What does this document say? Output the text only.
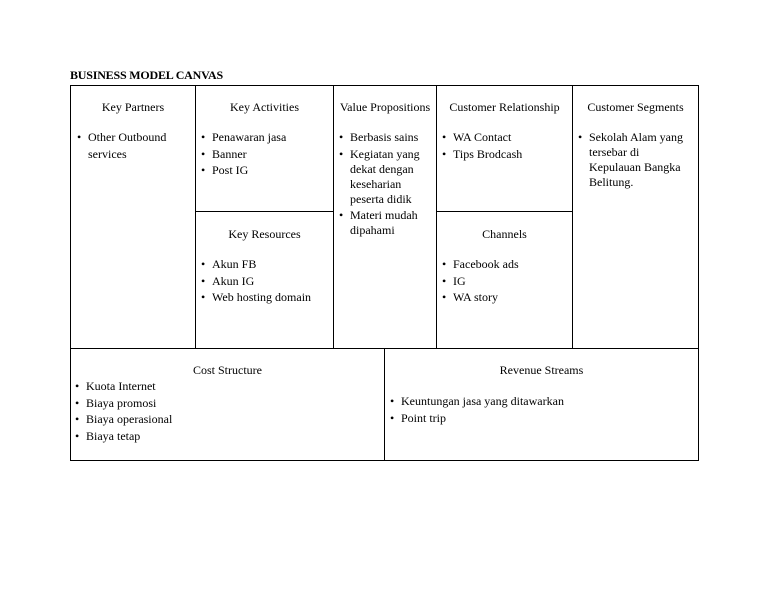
BUSINESS MODEL CANVAS
Key Partners
• Other Outbound services
Key Activities
• Penawaran jasa
• Banner
• Post IG
Key Resources
• Akun FB
• Akun IG
• Web hosting domain
Value Propositions
• Berbasis sains
• Kegiatan yang dekat dengan keseharian peserta didik
• Materi mudah dipahami
Customer Relationship
• WA Contact
• Tips Brodcash
Channels
• Facebook ads
• IG
• WA story
Customer Segments
• Sekolah Alam yang tersebar di Kepulauan Bangka Belitung.
Cost Structure
• Kuota Internet
• Biaya promosi
• Biaya operasional
• Biaya tetap
Revenue Streams
• Keuntungan jasa yang ditawarkan
• Point trip
